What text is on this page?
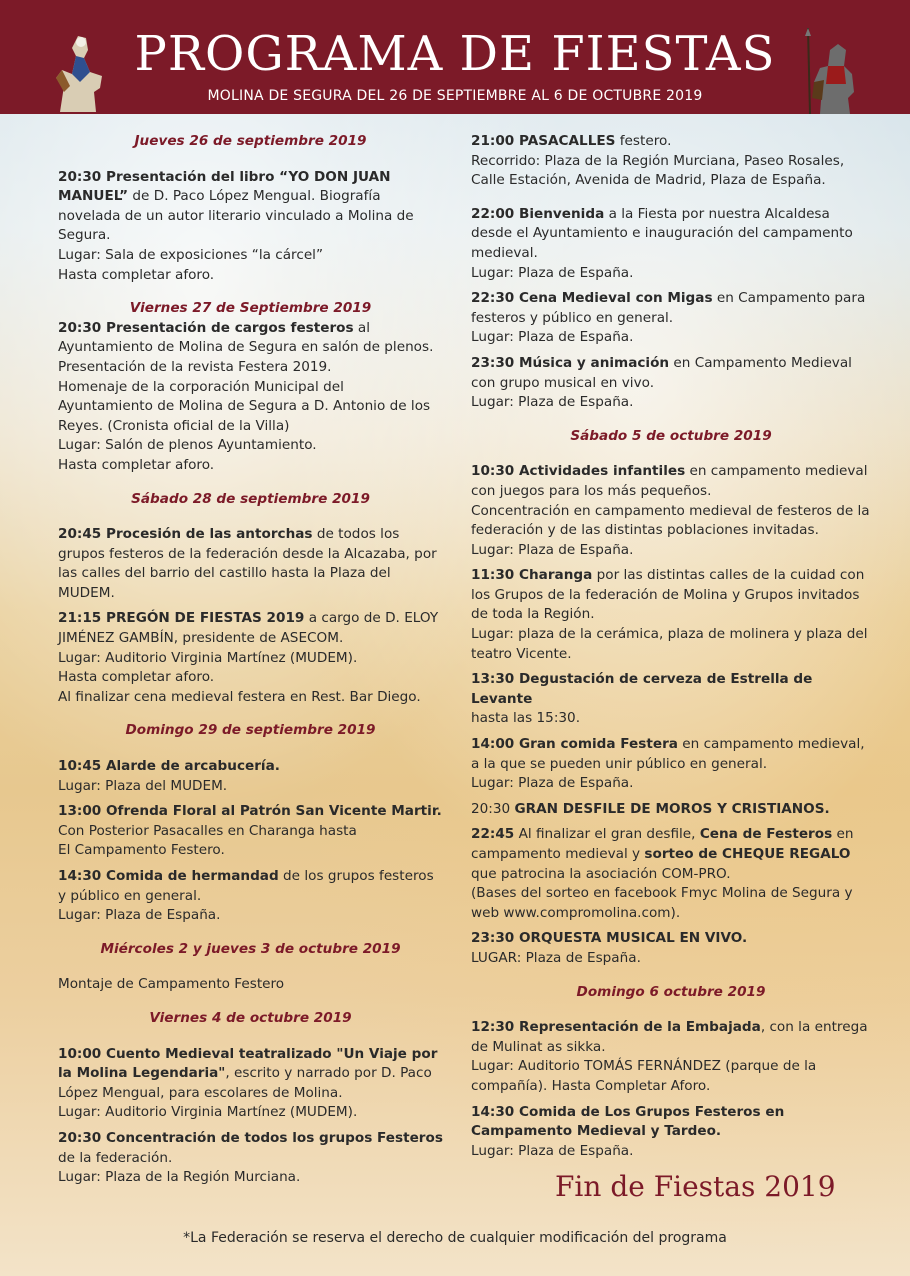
PROGRAMA DE FIESTAS
MOLINA DE SEGURA DEL 26 DE SEPTIEMBRE AL 6 DE OCTUBRE 2019
Jueves 26 de septiembre 2019
20:30 Presentación del libro “YO DON JUAN MANUEL” de D. Paco López Mengual. Biografía novelada de un autor literario vinculado a Molina de Segura.

Lugar: Sala de exposiciones “la cárcel”

Hasta completar aforo.

Viernes 27 de Septiembre 2019
20:30 Presentación de cargos festeros al Ayuntamiento de Molina de Segura en salón de plenos.

Presentación de la revista Festera 2019.

Homenaje de la corporación Municipal del Ayuntamiento de Molina de Segura a D. Antonio de los Reyes. (Cronista oficial de la Villa)

Lugar: Salón de plenos Ayuntamiento.

Hasta completar aforo.

Sábado 28 de septiembre 2019
20:45 Procesión de las antorchas de todos los grupos festeros de la federación desde la Alcazaba, por las calles del barrio del castillo hasta la Plaza del MUDEM.
21:15 PREGÓN DE FIESTAS 2019 a cargo de D. ELOY JIMÉNEZ GAMBÍN, presidente de ASECOM.

Lugar: Auditorio Virginia Martínez (MUDEM).

Hasta completar aforo.

Al finalizar cena medieval festera en Rest. Bar Diego.

Domingo 29 de septiembre 2019
10:45 Alarde de arcabucería.

Lugar: Plaza del MUDEM.

13:00 Ofrenda Floral al Patrón San Vicente Martir.

Con Posterior Pasacalles en Charanga hasta

El Campamento Festero.

14:30 Comida de hermandad de los grupos festeros y público en general.

Lugar: Plaza de España.

Miércoles 2 y jueves 3 de octubre 2019

Montaje de Campamento Festero

Viernes 4 de octubre 2019
10:00 Cuento Medieval teatralizado "Un Viaje por la Molina Legendaria", escrito y narrado por D. Paco López Mengual, para escolares de Molina.

Lugar: Auditorio Virginia Martínez (MUDEM).

20:30 Concentración de todos los grupos Festeros de la federación.

Lugar: Plaza de la Región Murciana.

21:00 PASACALLES festero.

Recorrido: Plaza de la Región Murciana, Paseo Rosales, Calle Estación, Avenida de Madrid, Plaza de España.

22:00 Bienvenida a la Fiesta por nuestra Alcaldesa desde el Ayuntamiento e inauguración del campamento medieval.

Lugar: Plaza de España.

22:30 Cena Medieval con Migas en Campamento para festeros y público en general.

Lugar: Plaza de España.

23:30 Música y animación en Campamento Medieval con grupo musical en vivo.

Lugar: Plaza de España.

Sábado 5 de octubre 2019
10:30 Actividades infantiles en campamento medieval con juegos para los más pequeños.

Concentración en campamento medieval de festeros de la federación y de las distintas poblaciones invitadas.

Lugar: Plaza de España.

11:30 Charanga por las distintas calles de la cuidad con los Grupos de la federación de Molina y Grupos invitados de toda la Región.

Lugar: plaza de la cerámica, plaza de molinera y plaza del teatro Vicente.

13:30 Degustación de cerveza de Estrella de Levante

hasta las 15:30.

14:00 Gran comida Festera en campamento medieval, a la que se pueden unir público en general.

Lugar: Plaza de España.

20:30 GRAN DESFILE DE MOROS Y CRISTIANOS.
22:45 Al finalizar el gran desfile, Cena de Festeros en campamento medieval y sorteo de CHEQUE REGALO que patrocina la asociación COM-PRO.

(Bases del sorteo en facebook Fmyc Molina de Segura y web www.compromolina.com).

23:30 ORQUESTA MUSICAL EN VIVO.

LUGAR: Plaza de España.

Domingo 6 octubre 2019
12:30 Representación de la Embajada, con la entrega de Mulinat as sikka.

Lugar: Auditorio TOMÁS FERNÁNDEZ (parque de la compañía). Hasta Completar Aforo.

14:30 Comida de Los Grupos Festeros en Campamento Medieval y Tardeo.

Lugar: Plaza de España.

Fin de Fiestas 2019
*La Federación se reserva el derecho de cualquier modificación del programa
